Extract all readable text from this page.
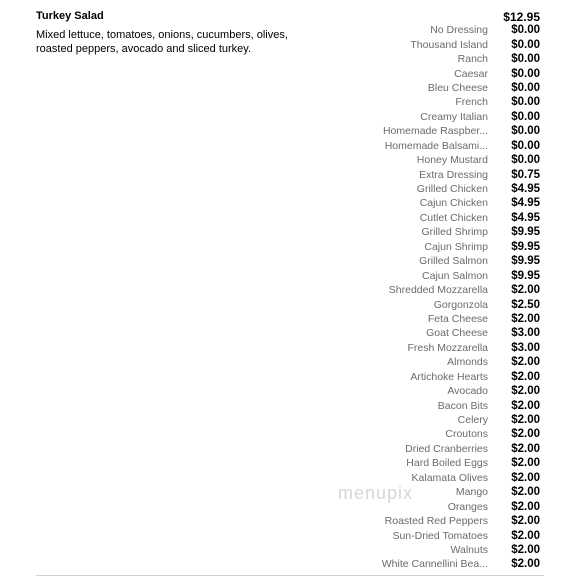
Turkey Salad
Mixed lettuce, tomatoes, onions, cucumbers, olives, roasted peppers, avocado and sliced turkey.
$12.95
No Dressing	$0.00
Thousand Island	$0.00
Ranch	$0.00
Caesar	$0.00
Bleu Cheese	$0.00
French	$0.00
Creamy Italian	$0.00
Homemade Raspber...	$0.00
Homemade Balsami...	$0.00
Honey Mustard	$0.00
Extra Dressing	$0.75
Grilled Chicken	$4.95
Cajun Chicken	$4.95
Cutlet Chicken	$4.95
Grilled Shrimp	$9.95
Cajun Shrimp	$9.95
Grilled Salmon	$9.95
Cajun Salmon	$9.95
Shredded Mozzarella	$2.00
Gorgonzola	$2.50
Feta Cheese	$2.00
Goat Cheese	$3.00
Fresh Mozzarella	$3.00
Almonds	$2.00
Artichoke Hearts	$2.00
Avocado	$2.00
Bacon Bits	$2.00
Celery	$2.00
Croutons	$2.00
Dried Cranberries	$2.00
Hard Boiled Eggs	$2.00
Kalamata Olives	$2.00
Mango	$2.00
Oranges	$2.00
Roasted Red Peppers	$2.00
Sun-Dried Tomatoes	$2.00
Walnuts	$2.00
White Cannellini Bea...	$2.00
menupix
